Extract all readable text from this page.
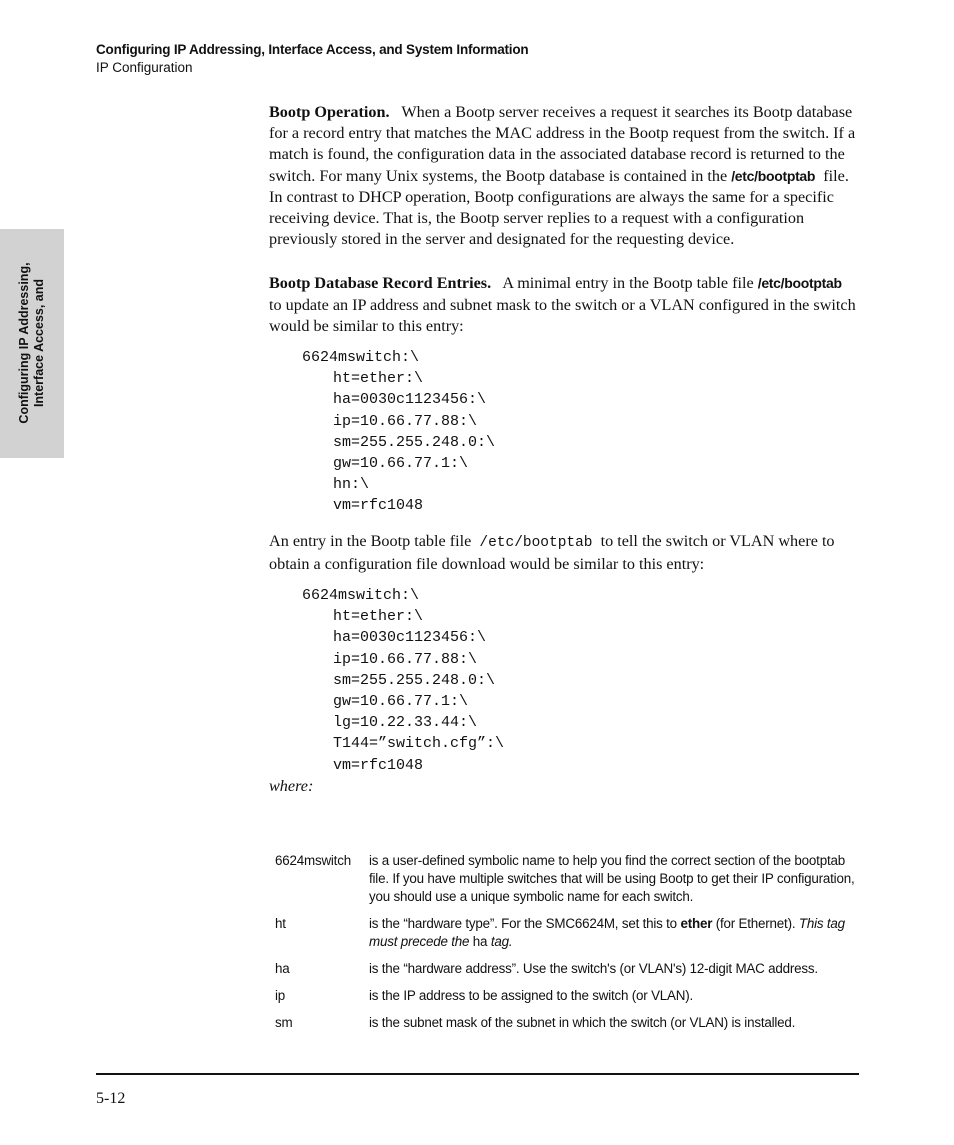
Configuring IP Addressing, Interface Access, and System Information
IP Configuration
Configuring IP Addressing, Interface Access, and

Bootp Operation. When a Bootp server receives a request it searches its Bootp database for a record entry that matches the MAC address in the Bootp request from the switch. If a match is found, the configuration data in the associated database record is returned to the switch. For many Unix systems, the Bootp database is contained in the /etc/bootptab file. In contrast to DHCP operation, Bootp configurations are always the same for a specific receiving device. That is, the Bootp server replies to a request with a configuration previously stored in the server and designated for the requesting device.

Bootp Database Record Entries. A minimal entry in the Bootp table file /etc/bootptab  to update an IP address and subnet mask to the switch or a VLAN configured in the switch would be similar to this entry:

6624mswitch:\
ht=ether:\
ha=0030c1123456:\
ip=10.66.77.88:\
sm=255.255.248.0:\
gw=10.66.77.1:\
hn:\
vm=rfc1048

An entry in the Bootp table file /etc/bootptab to tell the switch or VLAN where to obtain a configuration file download would be similar to this entry:

6624mswitch:\
ht=ether:\
ha=0030c1123456:\
ip=10.66.77.88:\
sm=255.255.248.0:\
gw=10.66.77.1:\
lg=10.22.33.44:\
T144=”switch.cfg”:\
vm=rfc1048

where:

6624mswitch	is a user-defined symbolic name to help you find the correct section of the bootptab file. If you have multiple switches that will be using Bootp to get their IP configuration, you should use a unique symbolic name for each switch.
ht	is the “hardware type”. For the SMC6624M, set this to ether (for Ethernet). This tag must precede the ha tag.
ha	is the “hardware address”. Use the switch's (or VLAN's) 12-digit MAC address.
ip	is the IP address to be assigned to the switch (or VLAN).
sm	is the subnet mask of the subnet in which the switch (or VLAN) is installed.
5-12
